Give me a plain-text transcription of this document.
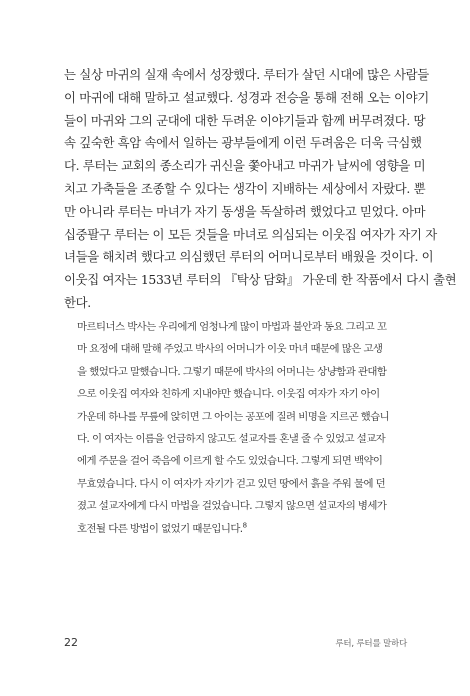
는 실상 마귀의 실재 속에서 성장했다. 루터가 살던 시대에 많은 사람들
이 마귀에 대해 말하고 설교했다. 성경과 전승을 통해 전해 오는 이야기
들이 마귀와 그의 군대에 대한 두려운 이야기들과 함께 버무려졌다. 땅
속 깊숙한 흑암 속에서 일하는 광부들에게 이런 두려움은 더욱 극심했
다. 루터는 교회의 종소리가 귀신을 쫓아내고 마귀가 날씨에 영향을 미
치고 가축들을 조종할 수 있다는 생각이 지배하는 세상에서 자랐다. 뿐
만 아니라 루터는 마녀가 자기 동생을 독살하려 했었다고 믿었다. 아마
십중팔구 루터는 이 모든 것들을 마녀로 의심되는 이웃집 여자가 자기 자
녀들을 해치려 했다고 의심했던 루터의 어머니로부터 배웠을 것이다. 이
이웃집 여자는 1533년 루터의 『탁상 담화』 가운데 한 작품에서 다시 출현
한다.
마르티너스 박사는 우리에게 엄청나게 많이 마법과 불안과 동요 그리고 꼬
마 요정에 대해 말해 주었고 박사의 어머니가 이웃 마녀 때문에 많은 고생
을 했었다고 말했습니다. 그렇기 때문에 박사의 어머니는 상냥함과 관대함
으로 이웃집 여자와 친하게 지내야만 했습니다. 이웃집 여자가 자기 아이
가운데 하나를 무릎에 앉히면 그 아이는 공포에 질려 비명을 지르곤 했습니
다. 이 여자는 이름을 언급하지 않고도 설교자를 혼낼 줄 수 있었고 설교자
에게 주문을 걸어 죽음에 이르게 할 수도 있었습니다. 그렇게 되면 백약이
무효였습니다. 다시 이 여자가 자기가 걷고 있던 땅에서 흙을 주워 물에 던
졌고 설교자에게 다시 마법을 걸었습니다. 그렇지 않으면 설교자의 병세가
호전될 다른 방법이 없었기 때문입니다.$^8$
22	루터, 루터를 말하다
